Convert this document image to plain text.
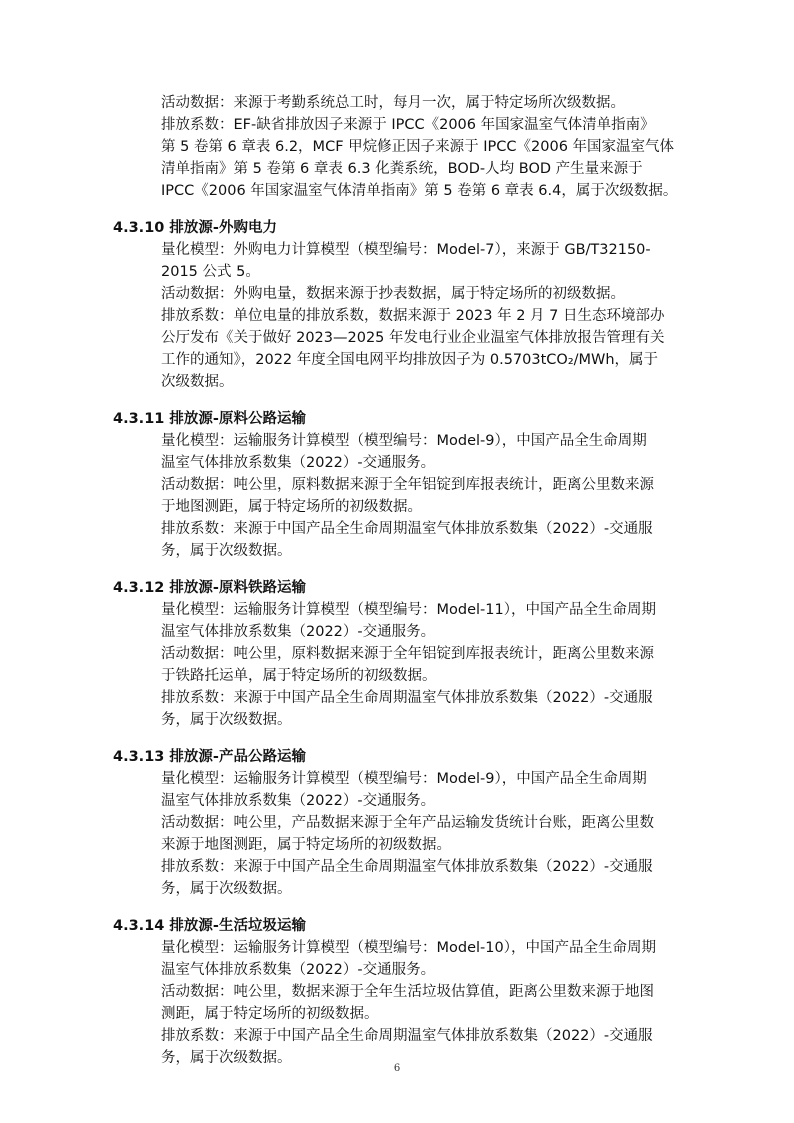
活动数据：来源于考勤系统总工时，每月一次，属于特定场所次级数据。
排放系数：EF-缺省排放因子来源于 IPCC《2006 年国家温室气体清单指南》
第 5 卷第 6 章表 6.2，MCF 甲烷修正因子来源于 IPCC《2006 年国家温室气体
清单指南》第 5 卷第 6 章表 6.3 化粪系统，BOD-人均 BOD 产生量来源于
IPCC《2006 年国家温室气体清单指南》第 5 卷第 6 章表 6.4，属于次级数据。
4.3.10 排放源-外购电力
量化模型：外购电力计算模型（模型编号：Model-7），来源于 GB/T32150-
2015 公式 5。
活动数据：外购电量，数据来源于抄表数据，属于特定场所的初级数据。
排放系数：单位电量的排放系数，数据来源于 2023 年 2 月 7 日生态环境部办
公厅发布《关于做好 2023—2025 年发电行业企业温室气体排放报告管理有关
工作的通知》，2022 年度全国电网平均排放因子为 0.5703tCO₂/MWh，属于
次级数据。
4.3.11 排放源-原料公路运输
量化模型：运输服务计算模型（模型编号：Model-9），中国产品全生命周期
温室气体排放系数集（2022）-交通服务。
活动数据：吨公里，原料数据来源于全年铝锭到库报表统计，距离公里数来源
于地图测距，属于特定场所的初级数据。
排放系数：来源于中国产品全生命周期温室气体排放系数集（2022）-交通服
务，属于次级数据。
4.3.12 排放源-原料铁路运输
量化模型：运输服务计算模型（模型编号：Model-11），中国产品全生命周期
温室气体排放系数集（2022）-交通服务。
活动数据：吨公里，原料数据来源于全年铝锭到库报表统计，距离公里数来源
于铁路托运单，属于特定场所的初级数据。
排放系数：来源于中国产品全生命周期温室气体排放系数集（2022）-交通服
务，属于次级数据。
4.3.13 排放源-产品公路运输
量化模型：运输服务计算模型（模型编号：Model-9），中国产品全生命周期
温室气体排放系数集（2022）-交通服务。
活动数据：吨公里，产品数据来源于全年产品运输发货统计台账，距离公里数
来源于地图测距，属于特定场所的初级数据。
排放系数：来源于中国产品全生命周期温室气体排放系数集（2022）-交通服
务，属于次级数据。
4.3.14 排放源-生活垃圾运输
量化模型：运输服务计算模型（模型编号：Model-10），中国产品全生命周期
温室气体排放系数集（2022）-交通服务。
活动数据：吨公里，数据来源于全年生活垃圾估算值，距离公里数来源于地图
测距，属于特定场所的初级数据。
排放系数：来源于中国产品全生命周期温室气体排放系数集（2022）-交通服
务，属于次级数据。
6
